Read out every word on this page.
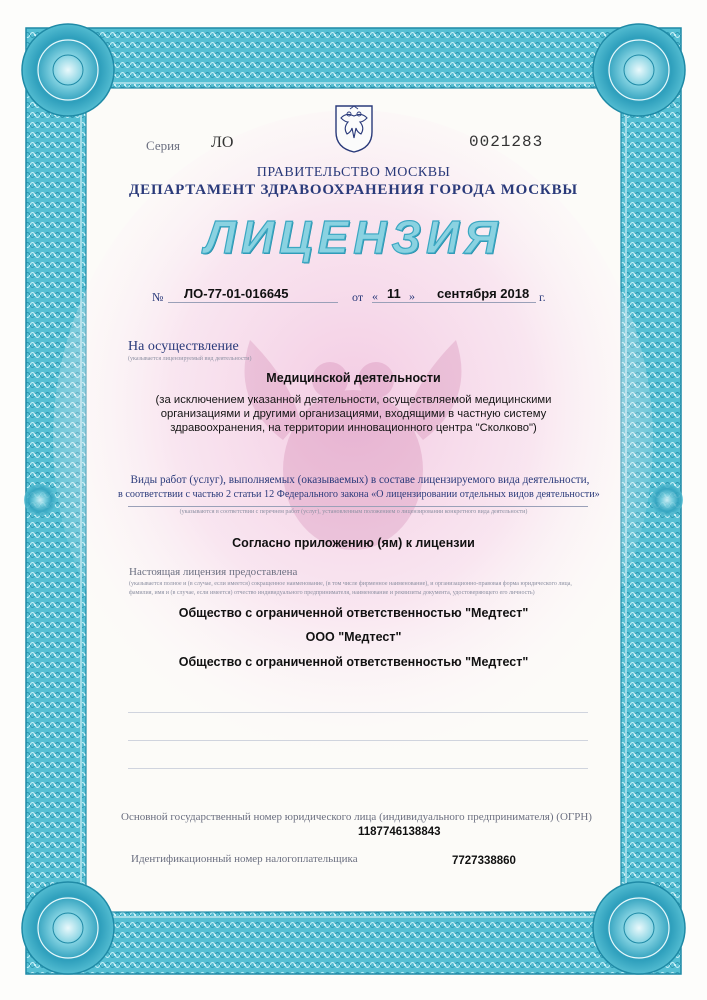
Серия ЛО	0021283
ПРАВИТЕЛЬСТВО МОСКВЫ
ДЕПАРТАМЕНТ ЗДРАВООХРАНЕНИЯ ГОРОДА МОСКВЫ
ЛИЦЕНЗИЯ
№ ЛО-77-01-016645	от « 11 » сентября 2018 г.
На осуществление
(указывается лицензируемый вид деятельности)
Медицинской деятельности
(за исключением указанной деятельности, осуществляемой медицинскими организациями и другими организациями, входящими в частную систему здравоохранения, на территории инновационного центра "Сколково")
Виды работ (услуг), выполняемых (оказываемых) в составе лицензируемого вида деятельности,
в соответствии с частью 2 статьи 12 Федерального закона «О лицензировании отдельных видов деятельности»
(указываются в соответствии с перечнем работ (услуг), установленным положением о лицензировании конкретного вида деятельности)
Согласно приложению (ям) к лицензии
Настоящая лицензия предоставлена
(указывается полное и (в случае, если имеется) сокращенное наименование, (в том числе фирменное наименование), и организационно-правовая форма юридического лица, фамилия, имя и (в случае, если имеется) отчество индивидуального предпринимателя, наименование и реквизиты документа, удостоверяющего его личность)
Общество с ограниченной ответственностью "Медтест"
ООО "Медтест"
Общество с ограниченной ответственностью "Медтест"
Основной государственный номер юридического лица (индивидуального предпринимателя) (ОГРН)
1187746138843
Идентификационный номер налогоплательщика	7727338860
